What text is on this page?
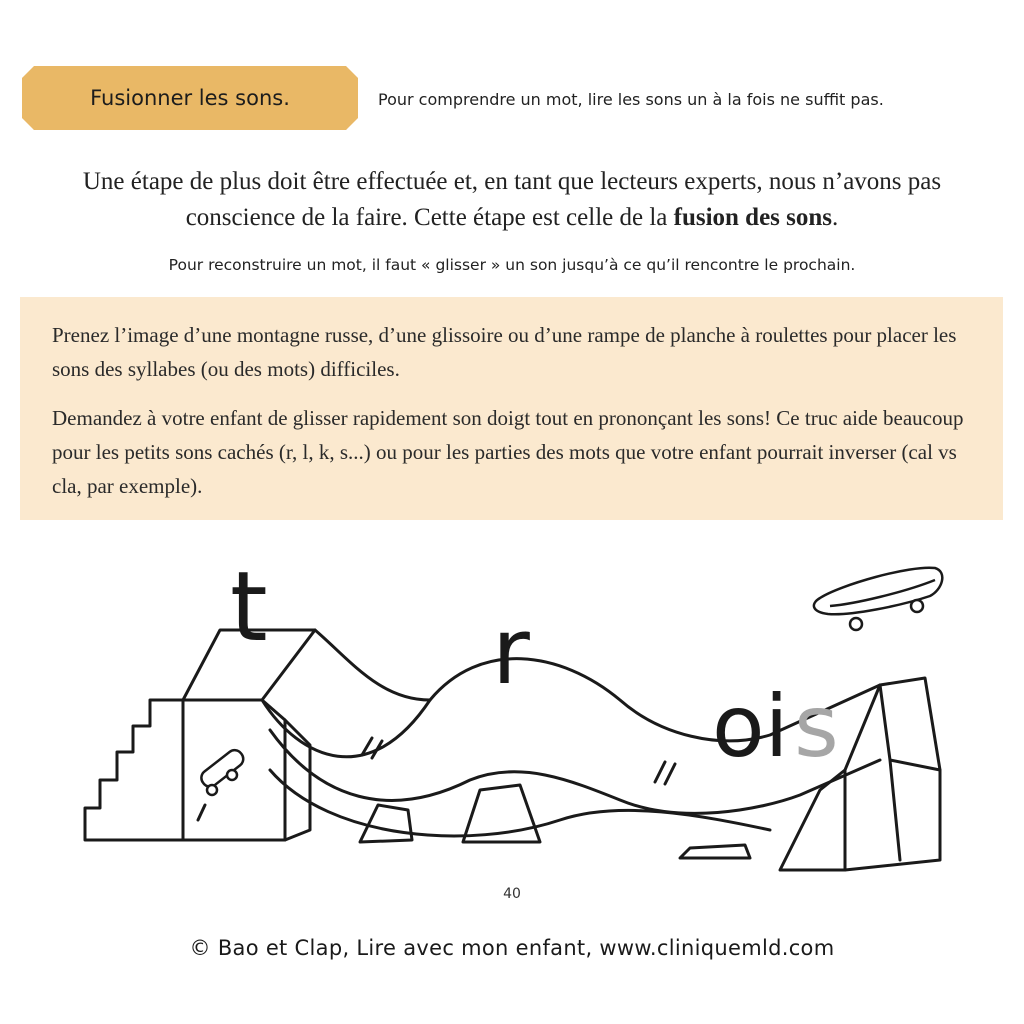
Fusionner les sons.	Pour comprendre un mot, lire les sons un à la fois ne suffit pas.
Une étape de plus doit être effectuée et, en tant que lecteurs experts, nous n’avons pas conscience de la faire. Cette étape est celle de la fusion des sons.
Pour reconstruire un mot, il faut « glisser » un son jusqu’à ce qu’il rencontre le prochain.

Prenez l’image d’une montagne russe, d’une glissoire ou d’une rampe de planche à roulettes pour placer les sons des syllabes (ou des mots) difficiles.

Demandez à votre enfant de glisser rapidement son doigt tout en prononçant les sons! Ce truc aide beaucoup pour les petits sons cachés (r, l, k, s...) ou pour les parties des mots que votre enfant pourrait inverser (cal vs cla, par exemple).

t r
oi s
40
© Bao et Clap, Lire avec mon enfant, www.cliniquemld.com
